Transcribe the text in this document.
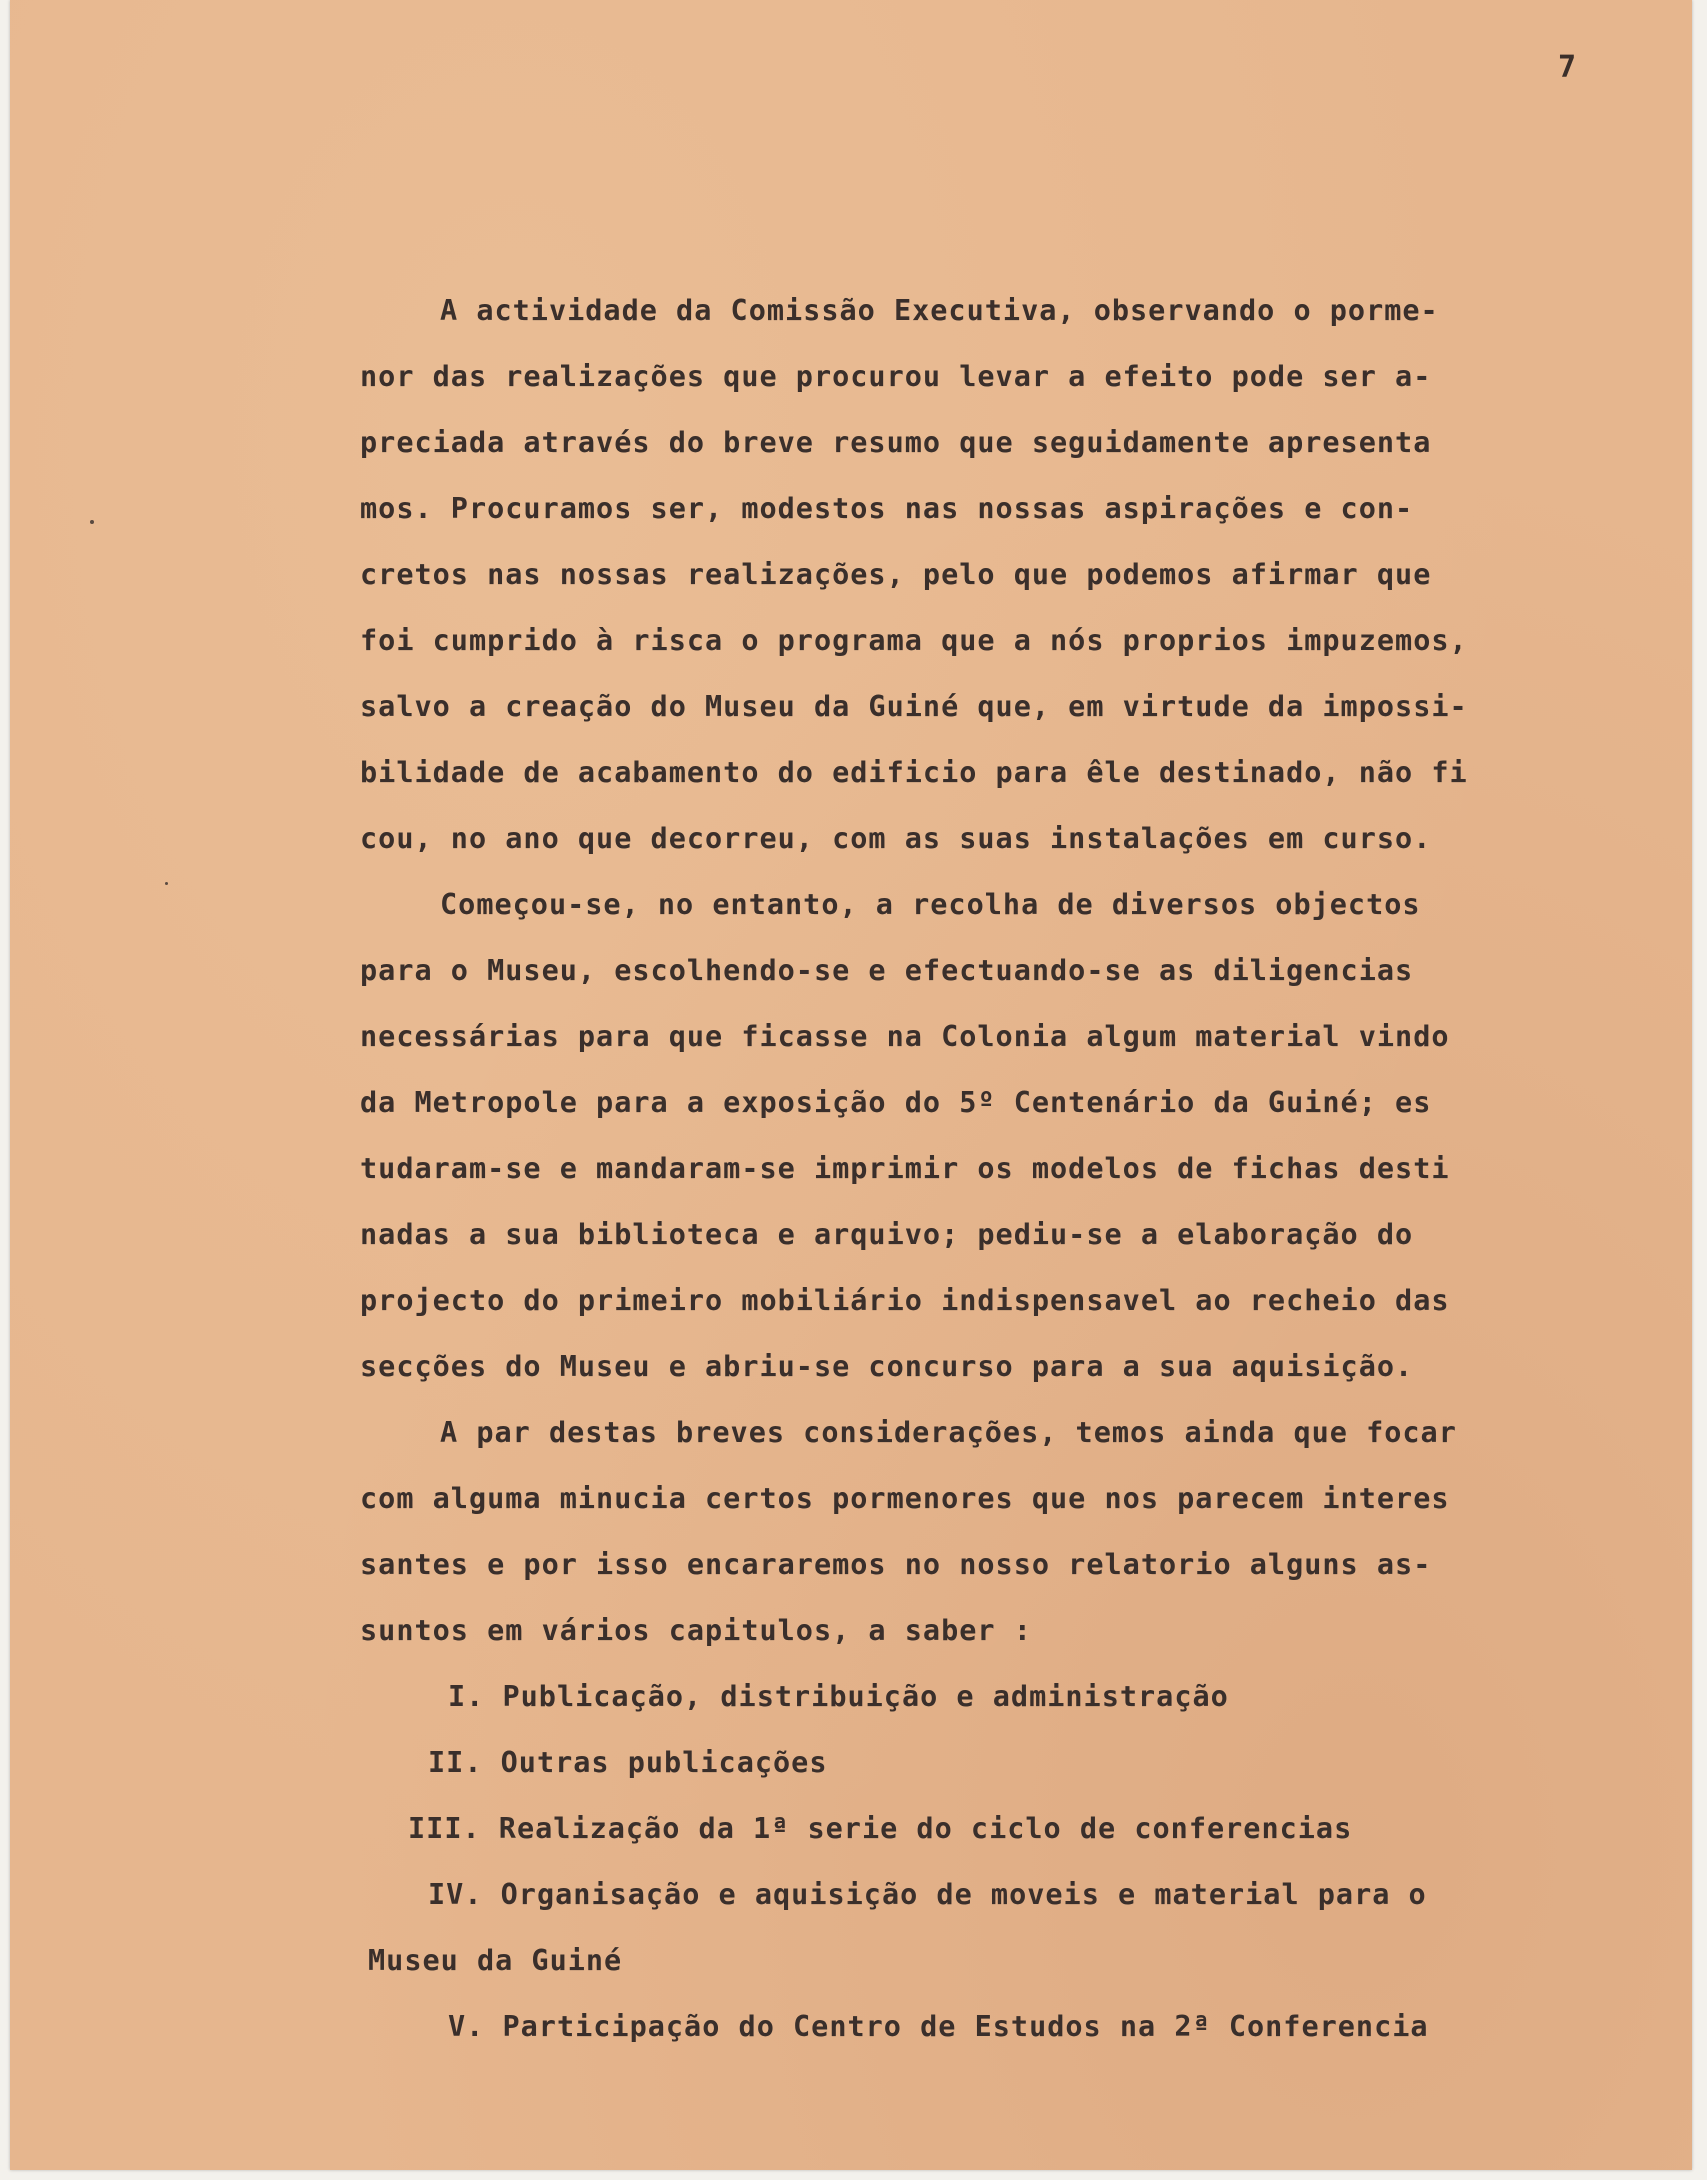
7
A actividade da Comissão Executiva, observando o porme-
nor das realizações que procurou levar a efeito pode ser a-
preciada através do breve resumo que seguidamente apresenta
mos. Procuramos ser, modestos nas nossas aspirações e con-
cretos nas nossas realizações, pelo que podemos afirmar que
foi cumprido à risca o programa que a nós proprios impuzemos,
salvo a creação do Museu da Guiné que, em virtude da impossi-
bilidade de acabamento do edificio para êle destinado, não fi
cou, no ano que decorreu, com as suas instalações em curso.
Começou-se, no entanto, a recolha de diversos objectos
para o Museu, escolhendo-se e efectuando-se as diligencias
necessárias para que ficasse na Colonia algum material vindo
da Metropole para a exposição do 5º Centenário da Guiné; es
tudaram-se e mandaram-se imprimir os modelos de fichas desti
nadas a sua biblioteca e arquivo; pediu-se a elaboração do
projecto do primeiro mobiliário indispensavel ao recheio das
secções do Museu e abriu-se concurso para a sua aquisição.
A par destas breves considerações, temos ainda que focar
com alguma minucia certos pormenores que nos parecem interes
santes e por isso encararemos no nosso relatorio alguns as-
suntos em vários capitulos, a saber :
I. Publicação, distribuição e administração
II. Outras publicações
III. Realização da 1ª serie do ciclo de conferencias
IV. Organisação e aquisição de moveis e material para o
Museu da Guiné
V. Participação do Centro de Estudos na 2ª Conferencia
